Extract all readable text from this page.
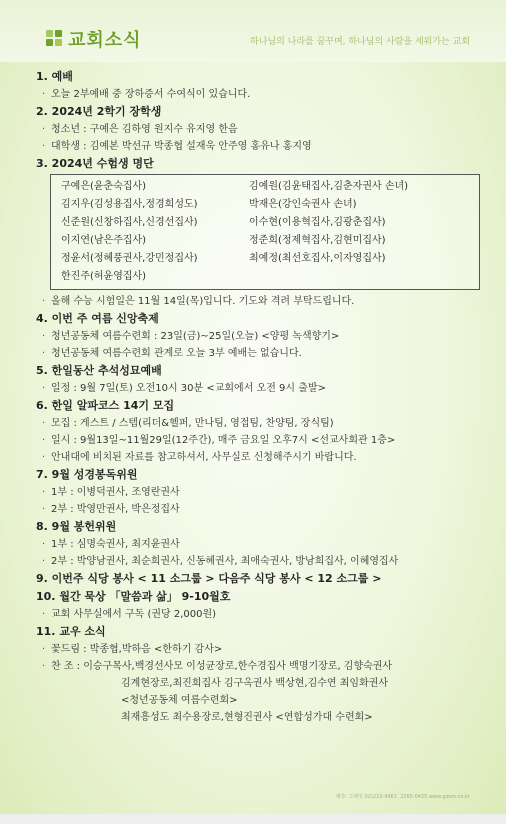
교회소식	하나님의 나라를 꿈꾸며, 하나님의 사람을 세워가는 교회
1. 예배
· 오늘 2부예배 중 장하증서 수여식이 있습니다.
2. 2024년 2학기 장학생
· 청소년 : 구예은 김하영 원지수 유지영 한음
· 대학생 : 김예본 박선규 박종협 설재욱 안주영 홍유나 홍지영
3. 2024년 수험생 명단
구예은(윤춘숙집사)	김예원(김윤태집사,김춘자권사 손녀)
김지우(김성용집사,정경희성도)	박재은(강인숙권사 손녀)
신준원(신창하집사,신경선집사)	이수현(이용혁집사,김광춘집사)
이지연(남은주집사)	정준희(정제혁집사,김현미집사)
정윤서(정혜풍권사,강민정집사)	최예정(최선호집사,이자영집사)
한진주(허윤영집사)
· 올해 수능 시험일은 11월 14일(목)입니다. 기도와 격려 부탁드립니다.
4. 이번 주 여름 신앙축제
· 청년공동체 여름수련회 : 23일(금)~25일(오늘) <양평 녹색향기>
· 청년공동체 여름수련회 관계로 오늘 3부 예배는 없습니다.
5. 한일동산 추석성묘예배
· 일정 : 9월 7일(토) 오전10시 30분 <교회에서 오전 9시 출발>
6. 한일 알파코스 14기 모집
· 모집 : 게스트 / 스텝(리더&헬퍼, 만나팀, 영접팀, 찬양팀, 장식팀)
· 일시 : 9월13일~11월29일(12주간), 매주 금요일 오후7시 <선교사회관 1층>
· 안내대에 비치된 자료를 참고하셔서, 사무실로 신청해주시기 바랍니다.
7. 9월 성경봉독위원
· 1부 : 이병덕권사, 조영란권사
· 2부 : 박영만권사, 박은정집사
8. 9월 봉헌위원
· 1부 : 심명숙권사, 최지윤권사
· 2부 : 박양남권사, 최순희권사, 신동혜권사, 최애숙권사, 방남희집사, 이혜영집사
9. 이번주 식당 봉사 < 11 소그룹 > 다음주 식당 봉사 < 12 소그룹 >
10. 월간 묵상 「말씀과 삶」 9-10월호
· 교회 사무실에서 구독 (권당 2,000원)
11. 교우 소식
· 꽃드림 : 박종협,박하음 <한하기 감사>
· 찬 조 : 이승구목사,백경선사모 이성균장로,한수경집사 백명기장로, 김향숙권사
김계현장로,최진희집사 김구옥권사 백상현,김수연 최임화권사
<청년공동체 여름수련회>
최재흥성도 최수용장로,현형진권사 <연합성가대 수련회>
제작: 그레잇 02)222-4967, 2265-0425 www.gdsm.co.kr
